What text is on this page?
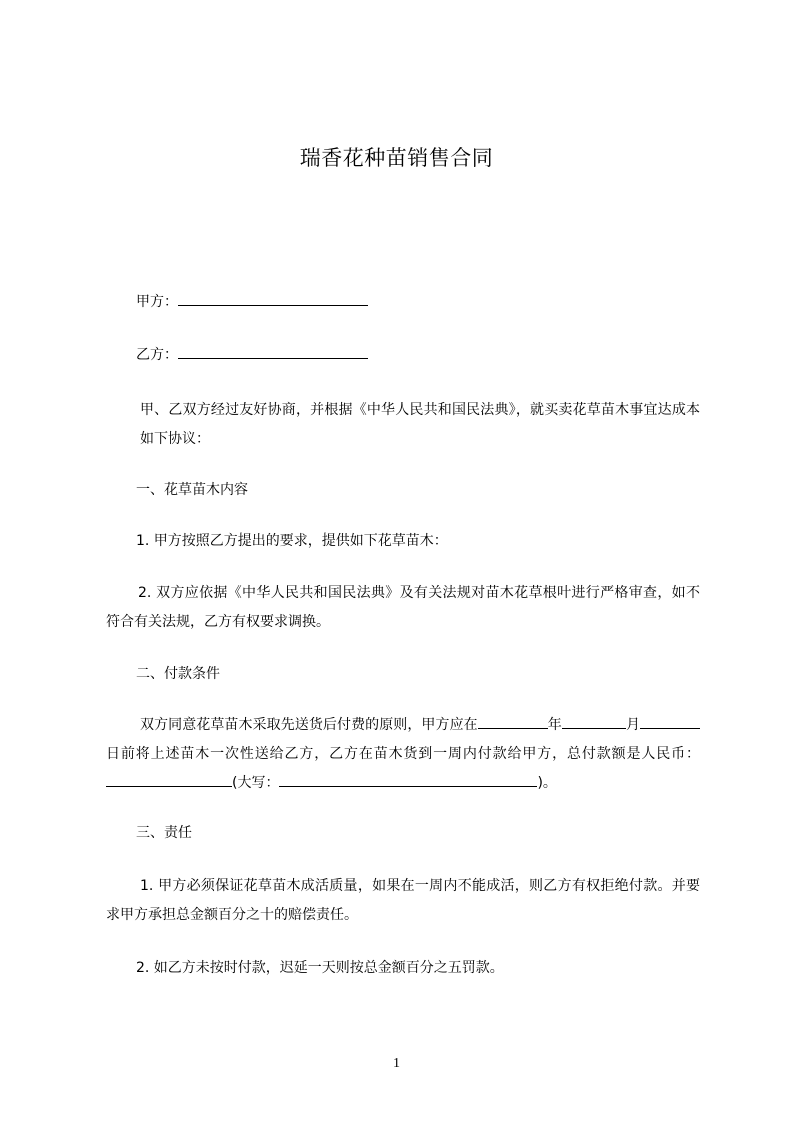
瑞香花种苗销售合同
甲方：
乙方：
甲、乙双方经过友好协商，并根据《中华人民共和国民法典》，就买卖花草苗木事宜达成本如下协议：
一、花草苗木内容
1. 甲方按照乙方提出的要求，提供如下花草苗木：
2. 双方应依据《中华人民共和国民法典》及有关法规对苗木花草根叶进行严格审查，如不符合有关法规，乙方有权要求调换。
二、付款条件
双方同意花草苗木采取先送货后付费的原则，甲方应在	年	月日前将上述苗木一次性送给乙方，乙方在苗木货到一周内付款给甲方，总付款额是人民币：(大写：	)。
三、责任
1. 甲方必须保证花草苗木成活质量，如果在一周内不能成活，则乙方有权拒绝付款。并要求甲方承担总金额百分之十的赔偿责任。
2. 如乙方未按时付款，迟延一天则按总金额百分之五罚款。
1
